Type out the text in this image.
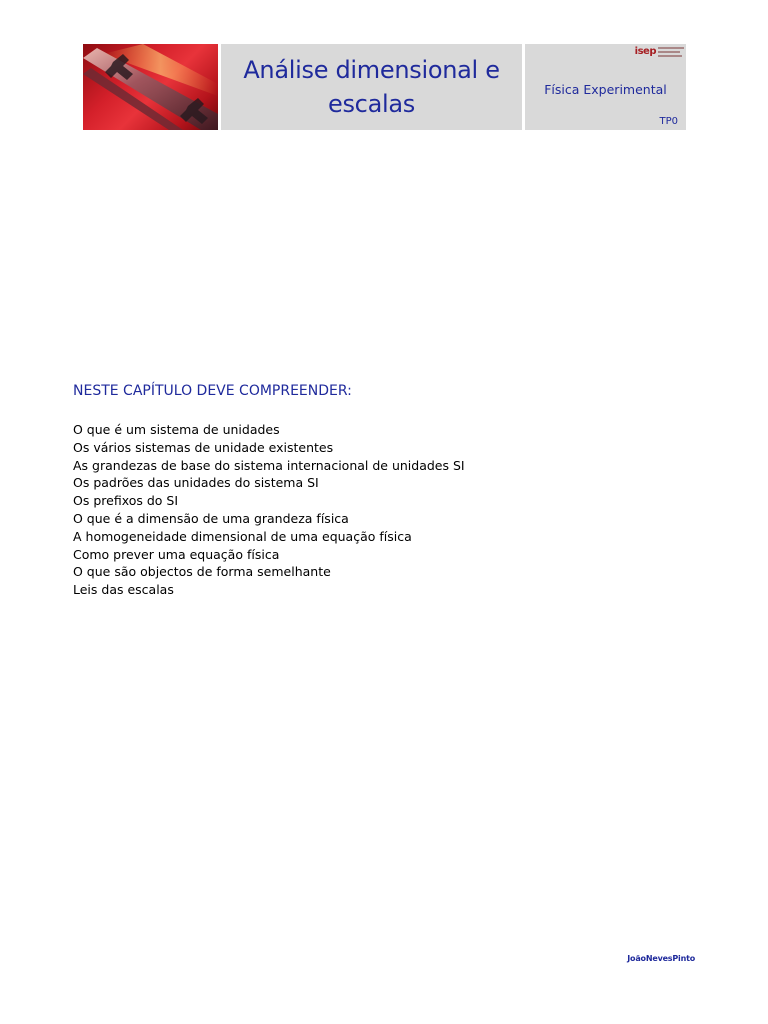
Análise dimensional e escalas
isep
Física Experimental
TP0
NESTE CAPÍTULO DEVE COMPREENDER:
O que é um sistema de unidades
Os vários sistemas de unidade existentes
As grandezas de base do sistema internacional de unidades SI
Os padrões das unidades do sistema SI
Os prefixos do SI
O que é a dimensão de uma grandeza física
A homogeneidade dimensional de uma equação física
Como prever uma equação física
O que são objectos de forma semelhante
Leis das escalas
JoãoNevesPinto
